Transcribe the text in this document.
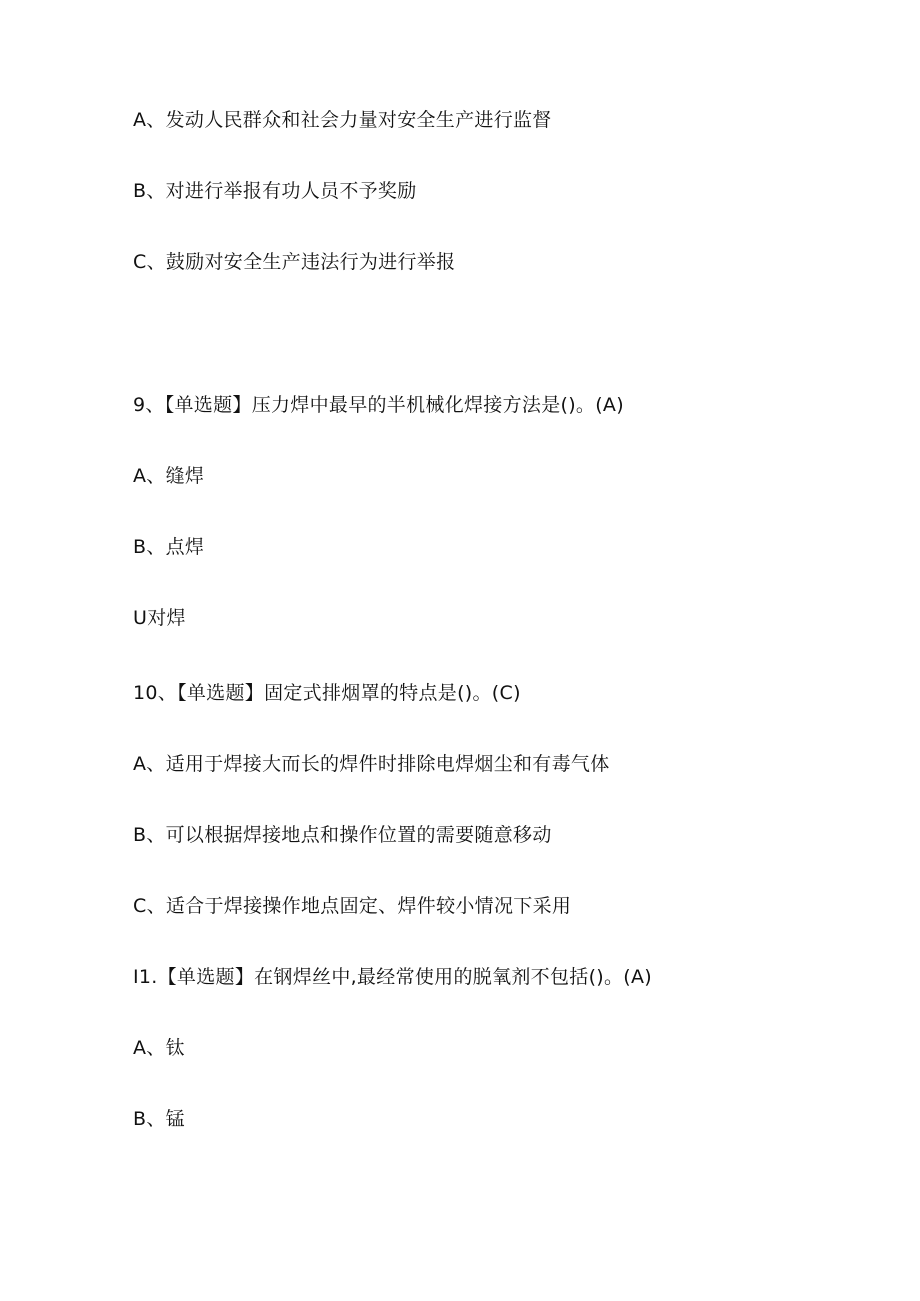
A、发动人民群众和社会力量对安全生产进行监督
B、对进行举报有功人员不予奖励
C、鼓励对安全生产违法行为进行举报
9、【单选题】压力焊中最早的半机械化焊接方法是()。(A)
A、缝焊
B、点焊
U对焊
10、【单选题】固定式排烟罩的特点是()。(C)
A、适用于焊接大而长的焊件时排除电焊烟尘和有毒气体
B、可以根据焊接地点和操作位置的需要随意移动
C、适合于焊接操作地点固定、焊件较小情况下采用
I1.【单选题】在钢焊丝中,最经常使用的脱氧剂不包括()。(A)
A、钛
B、锰
